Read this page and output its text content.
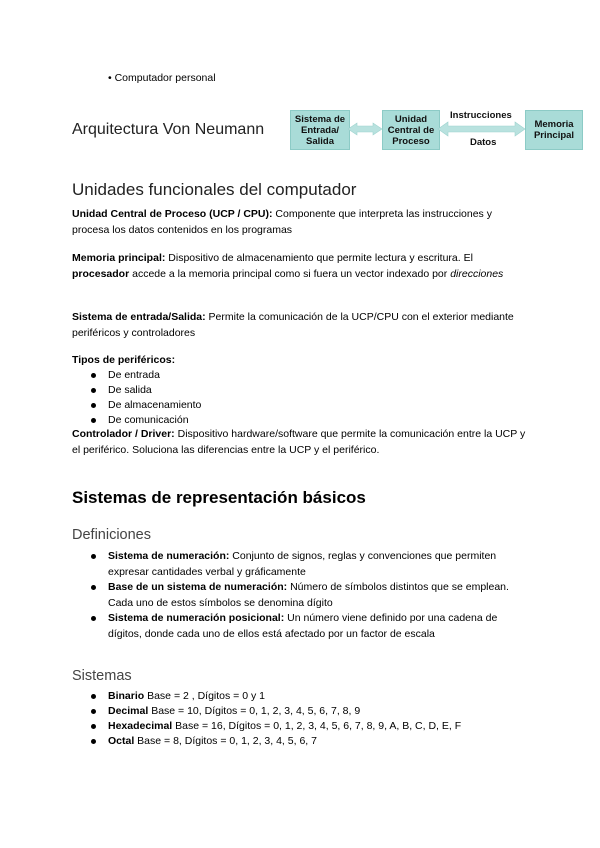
• Computador personal
Arquitectura Von Neumann
Sistema de Entrada/ Salida
Unidad Central de Proceso
Memoria Principal
Instrucciones
Datos
Unidades funcionales del computador
Unidad Central de Proceso (UCP / CPU): Componente que interpreta las instrucciones y procesa los datos contenidos en los programas
Memoria principal: Dispositivo de almacenamiento que permite lectura y escritura. El procesador accede a la memoria principal como si fuera un vector indexado por direcciones
Sistema de entrada/Salida: Permite la comunicación de la UCP/CPU con el exterior mediante periféricos y controladores
Tipos de periféricos:
De entrada
De salida
De almacenamiento
De comunicación
Controlador / Driver: Dispositivo hardware/software que permite la comunicación entre la UCP y el periférico. Soluciona las diferencias entre la UCP y el periférico.
Sistemas de representación básicos
Definiciones
Sistema de numeración: Conjunto de signos, reglas y convenciones que permiten expresar cantidades verbal y gráficamente
Base de un sistema de numeración: Número de símbolos distintos que se emplean. Cada uno de estos símbolos se denomina dígito
Sistema de numeración posicional: Un número viene definido por una cadena de dígitos, donde cada uno de ellos está afectado por un factor de escala
Sistemas
Binario Base = 2 , Dígitos = 0 y 1
Decimal Base = 10, Dígitos = 0, 1, 2, 3, 4, 5, 6, 7, 8, 9
Hexadecimal Base = 16, Dígitos = 0, 1, 2, 3, 4, 5, 6, 7, 8, 9, A, B, C, D, E, F
Octal Base = 8, Dígitos = 0, 1, 2, 3, 4, 5, 6, 7
